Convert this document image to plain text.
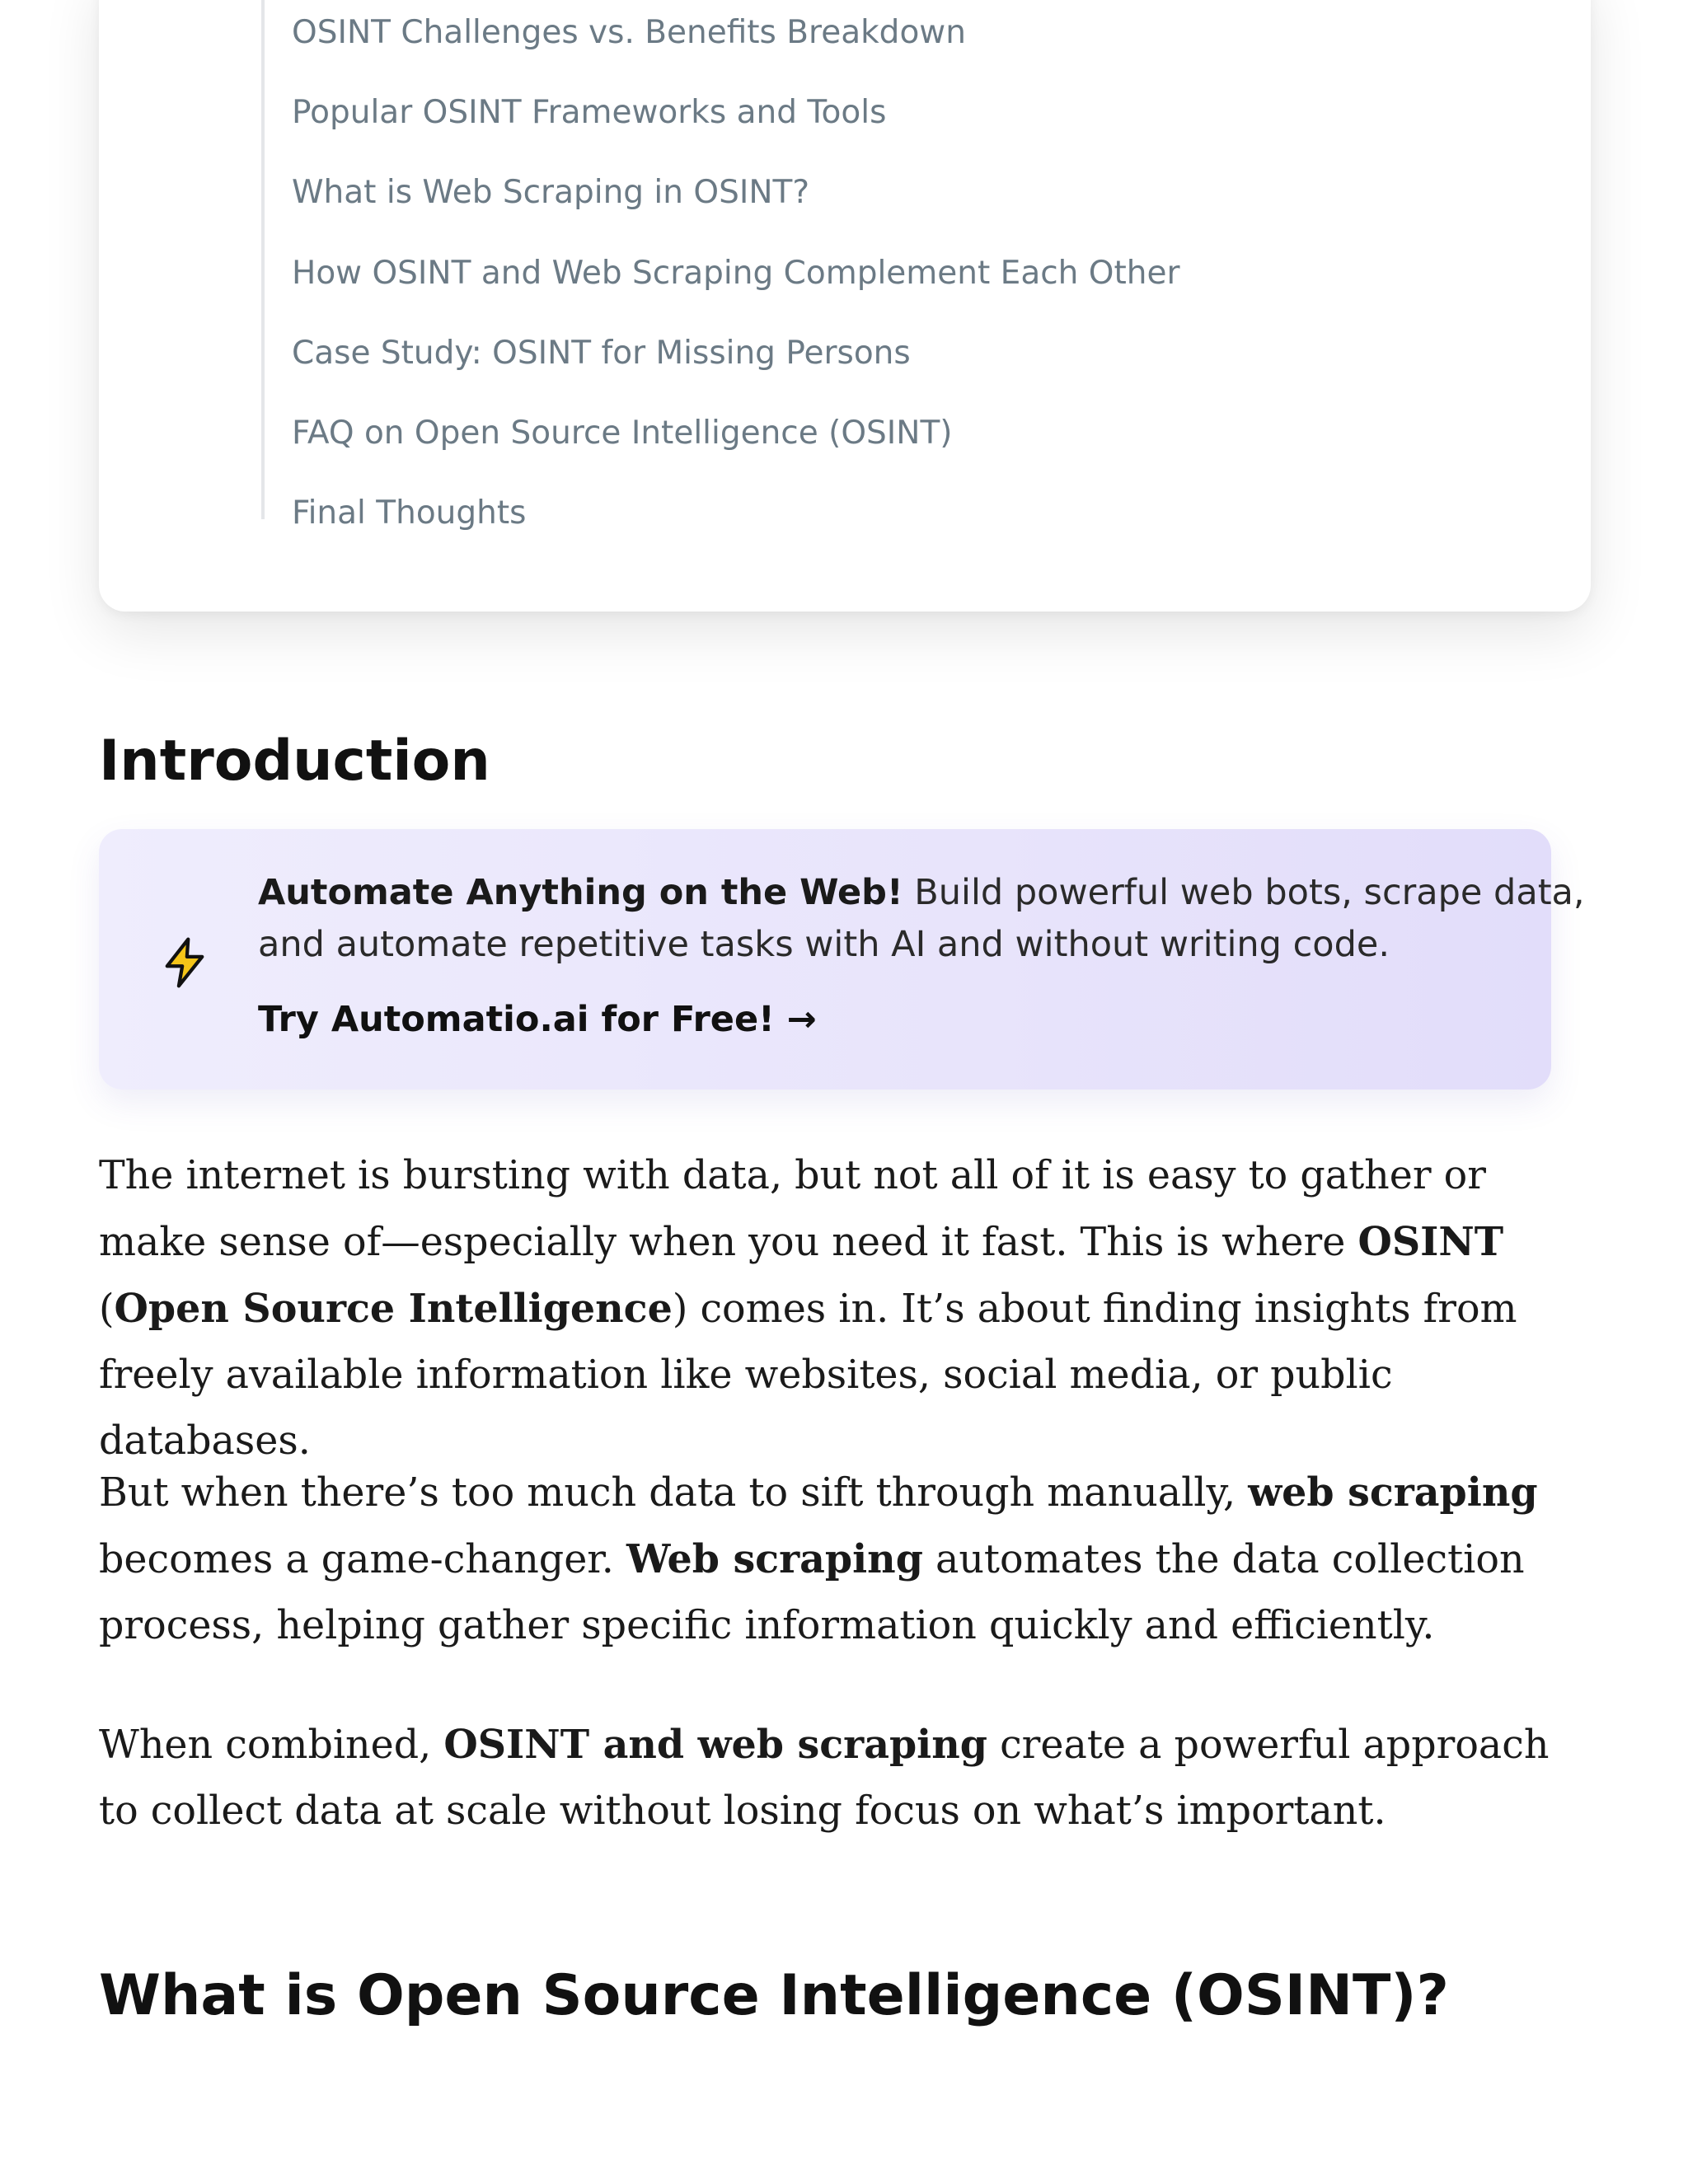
OSINT Challenges vs. Benefits Breakdown
Popular OSINT Frameworks and Tools
What is Web Scraping in OSINT?
How OSINT and Web Scraping Complement Each Other
Case Study: OSINT for Missing Persons
FAQ on Open Source Intelligence (OSINT)
Final Thoughts
Introduction
Automate Anything on the Web! Build powerful web bots, scrape data,
and automate repetitive tasks with AI and without writing code.
Try Automatio.ai for Free! →

The internet is bursting with data, but not all of it is easy to gather or make sense of—especially when you need it fast. This is where OSINT (Open Source Intelligence) comes in. It’s about finding insights from freely available information like websites, social media, or public databases.

But when there’s too much data to sift through manually, web scraping becomes a game-changer. Web scraping automates the data collection process, helping gather specific information quickly and efficiently.

When combined, OSINT and web scraping create a powerful approach to collect data at scale without losing focus on what’s important.

What is Open Source Intelligence (OSINT)?
